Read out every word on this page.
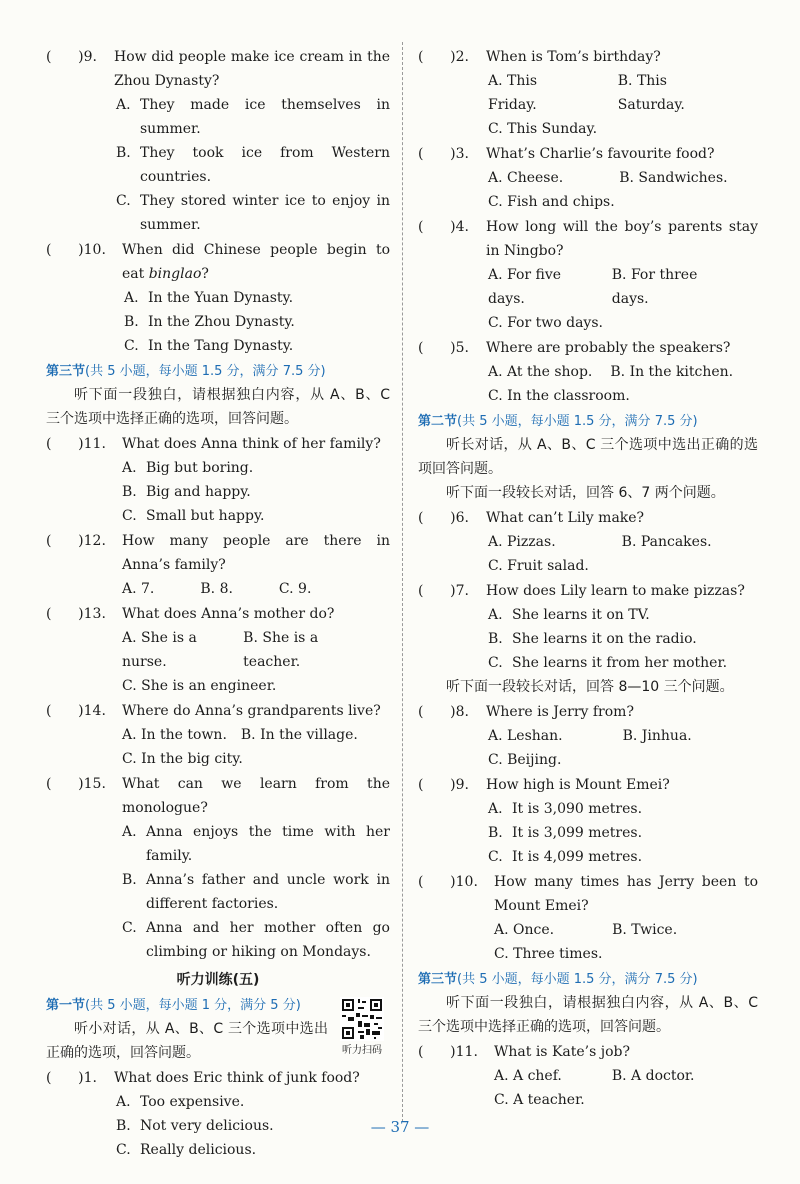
(      )9.	How did people make ice cream in the Zhou Dynasty?
A. They made ice themselves in summer.
B. They took ice from Western countries.
C. They stored winter ice to enjoy in summer.
(      )10.	When did Chinese people begin to eat binglao?
A. In the Yuan Dynasty.
B. In the Zhou Dynasty.
C. In the Tang Dynasty.
第三节(共 5 小题，每小题 1.5 分，满分 7.5 分)
听下面一段独白，请根据独白内容，从 A、B、C 三个选项中选择正确的选项，回答问题。
(      )11.	What does Anna think of her family?
A. Big but boring.
B. Big and happy.
C. Small but happy.
(      )12.	How many people are there in Anna’s family?
A. 7.	B. 8.	C. 9.
(      )13.	What does Anna’s mother do?
A. She is a nurse.
B. She is a teacher.
C. She is an engineer.
(      )14.	Where do Anna’s grandparents live?
A. In the town. B. In the village.
C. In the big city.
(      )15.	What can we learn from the monologue?
A. Anna enjoys the time with her family.
B. Anna’s father and uncle work in different factories.
C. Anna and her mother often go climbing or hiking on Mondays.
听力训练(五)
听力扫码
第一节(共 5 小题，每小题 1 分，满分 5 分)
听小对话，从 A、B、C 三个选项中选出正确的选项，回答问题。
(      )1.	What does Eric think of junk food?
A. Too expensive.
B. Not very delicious.
C. Really delicious.
(      )2.	When is Tom’s birthday?
A. This Friday.
B. This Saturday.
C. This Sunday.
(      )3.	What’s Charlie’s favourite food?
A. Cheese.	B. Sandwiches.
C. Fish and chips.
(      )4.	How long will the boy’s parents stay in Ningbo?
A. For five days.
B. For three days.
C. For two days.
(      )5.	Where are probably the speakers?
A. At the shop. B. In the kitchen.
C. In the classroom.
第二节(共 5 小题，每小题 1.5 分，满分 7.5 分)
听长对话，从 A、B、C 三个选项中选出正确的选项回答问题。
听下面一段较长对话，回答 6、7 两个问题。
(      )6.	What can’t Lily make?
A. Pizzas.	B. Pancakes.
C. Fruit salad.
(      )7.	How does Lily learn to make pizzas?
A. She learns it on TV.
B. She learns it on the radio.
C. She learns it from her mother.
听下面一段较长对话，回答 8—10 三个问题。
(      )8.	Where is Jerry from?
A. Leshan.	B. Jinhua.
C. Beijing.
(      )9.	How high is Mount Emei?
A. It is 3,090 metres.
B. It is 3,099 metres.
C. It is 4,099 metres.
(      )10.	How many times has Jerry been to Mount Emei?
A. Once.	B. Twice.
C. Three times.
第三节(共 5 小题，每小题 1.5 分，满分 7.5 分)
听下面一段独白，请根据独白内容，从 A、B、C 三个选项中选择正确的选项，回答问题。
(      )11.	What is Kate’s job?
A. A chef.	B. A doctor.
C. A teacher.
— 37 —
